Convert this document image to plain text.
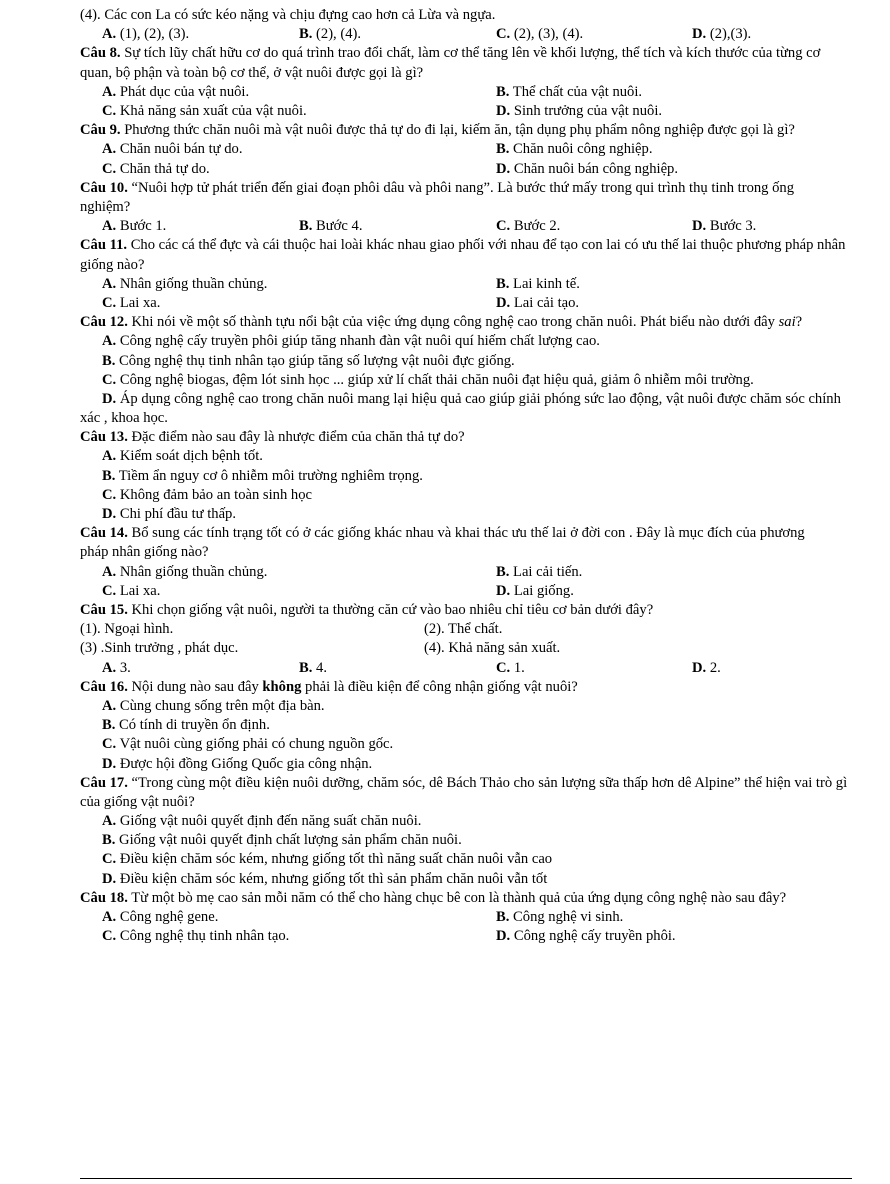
(4). Các con La có sức kéo nặng và chịu đựng cao hơn cả Lừa và ngựa.
A. (1), (2), (3).	B. (2), (4).	C. (2), (3), (4).	D. (2),(3).
Câu 8. Sự tích lũy chất hữu cơ do quá trình trao đổi chất, làm cơ thể tăng lên về khối lượng, thể tích và kích thước của từng cơ quan, bộ phận và toàn bộ cơ thể, ở vật nuôi được gọi là gì?
A. Phát dục của vật nuôi.	B. Thể chất của vật nuôi.
C. Khả năng sản xuất của vật nuôi.	D. Sinh trưởng của vật nuôi.
Câu 9. Phương thức chăn nuôi mà vật nuôi được thả tự do đi lại, kiếm ăn, tận dụng phụ phẩm nông nghiệp được gọi là gì?
A. Chăn nuôi bán tự do.	B. Chăn nuôi công nghiệp.
C. Chăn thả tự do.	D. Chăn nuôi bán công nghiệp.
Câu 10. “Nuôi hợp tử phát triển đến giai đoạn phôi dâu và phôi nang”. Là bước thứ mấy trong qui trình thụ tinh trong ống nghiệm?
A. Bước 1.	B. Bước 4.	C. Bước 2.	D. Bước 3.
Câu 11. Cho các cá thể đực và cái thuộc hai loài khác nhau giao phối với nhau để tạo con lai có ưu thế lai thuộc phương pháp nhân giống nào?
A. Nhân giống thuần chủng.	B. Lai kinh tế.
C. Lai xa.	D. Lai cải tạo.
Câu 12. Khi nói về một số thành tựu nổi bật của việc ứng dụng công nghệ cao trong chăn nuôi. Phát biểu nào dưới đây sai?
A. Công nghệ cấy truyền phôi giúp tăng nhanh đàn vật nuôi quí hiếm chất lượng cao.
B. Công nghệ thụ tinh nhân tạo giúp tăng số lượng vật nuôi đực giống.
C. Công nghệ biogas, đệm lót sinh học ... giúp xử lí chất thải chăn nuôi đạt hiệu quả, giảm ô nhiễm môi trường.
D. Áp dụng công nghệ cao trong chăn nuôi mang lại hiệu quả cao giúp giải phóng sức lao động, vật nuôi được chăm sóc chính xác , khoa học.
Câu 13. Đặc điểm nào sau đây là nhược điểm của chăn thả tự do?
A. Kiểm soát dịch bệnh tốt.
B. Tiềm ẩn nguy cơ ô nhiễm môi trường nghiêm trọng.
C. Không đảm bảo an toàn sinh học
D. Chi phí đầu tư thấp.
Câu 14. Bổ sung các tính trạng tốt có ở các giống khác nhau và khai thác ưu thế lai ở đời con . Đây là mục đích của phương pháp nhân giống nào?
A. Nhân giống thuần chủng.	B. Lai cải tiến.
C. Lai xa.	D. Lai giống.
Câu 15. Khi chọn giống vật nuôi, người ta thường căn cứ vào bao nhiêu chỉ tiêu cơ bản dưới đây?
(1). Ngoại hình.	(2). Thể chất.
(3) .Sinh trưởng , phát dục.	(4). Khả năng sản xuất.
A. 3.	B. 4.	C. 1.	D. 2.
Câu 16. Nội dung nào sau đây không phải là điều kiện để công nhận giống vật nuôi?
A. Cùng chung sống trên một địa bàn.
B. Có tính di truyền ổn định.
C. Vật nuôi cùng giống phải có chung nguồn gốc.
D. Được hội đồng Giống Quốc gia công nhận.
Câu 17. “Trong cùng một điều kiện nuôi dưỡng, chăm sóc, dê Bách Thảo cho sản lượng sữa thấp hơn dê Alpine” thể hiện vai trò gì của giống vật nuôi?
A. Giống vật nuôi quyết định đến năng suất chăn nuôi.
B. Giống vật nuôi quyết định chất lượng sản phẩm chăn nuôi.
C. Điều kiện chăm sóc kém, nhưng giống tốt thì năng suất chăn nuôi vẫn cao
D. Điều kiện chăm sóc kém, nhưng giống tốt thì sản phẩm chăn nuôi vẫn tốt
Câu 18. Từ một bò mẹ cao sản mỗi năm có thể cho hàng chục bê con là thành quả của ứng dụng công nghệ nào sau đây?
A. Công nghệ gene.	B. Công nghệ vi sinh.
C. Công nghệ thụ tinh nhân tạo.	D. Công nghệ cấy truyền phôi.
